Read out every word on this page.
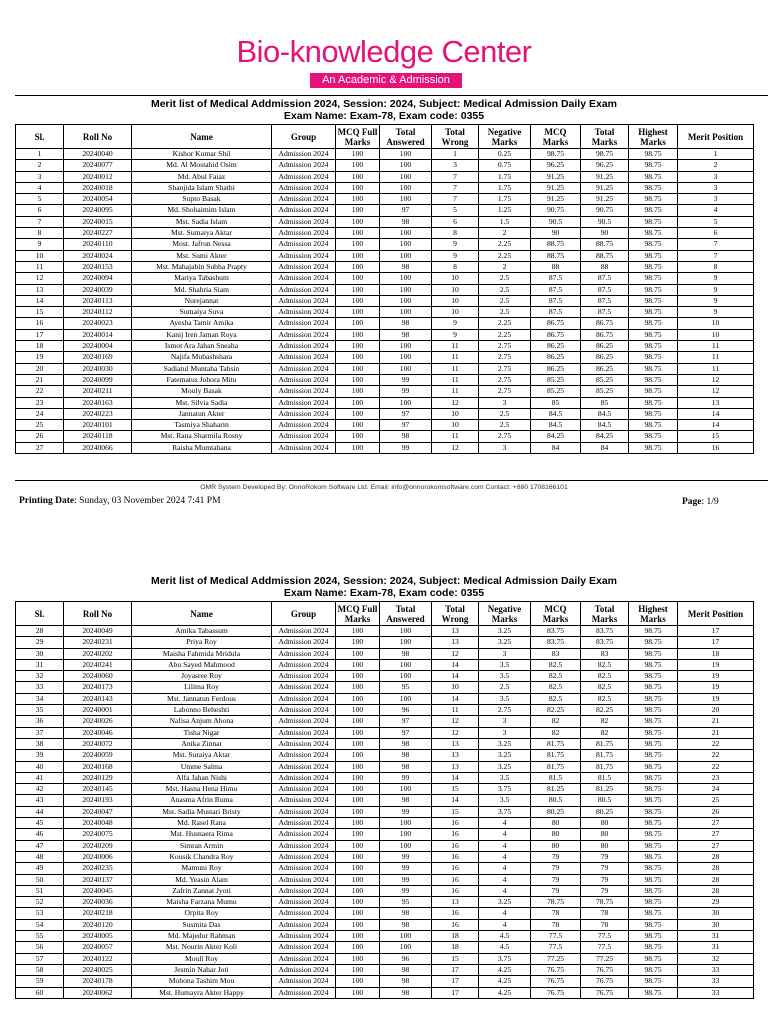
Bio-knowledge Center
An Academic & Admission Solution
Merit list of Medical Addmission 2024, Session: 2024, Subject: Medical Admission Daily Exam
Exam Name: Exam-78, Exam code: 0355
Sl.	Roll No	Name	Group	MCQ Full Marks	Total Answered	Total Wrong	Negative Marks	MCQ Marks	Total Marks	Highest Marks	Merit Position
1	20240040	Kishor Kumar Shil	Admission 2024	100	100	1	0.25	98.75	98.75	98.75	1
2	20240077	Md. Al Mostahid Osim	Admission 2024	100	100	3	0.75	96.25	96.25	98.75	2
3	20240012	Md. Abul Faiaz	Admission 2024	100	100	7	1.75	91.25	91.25	98.75	3
4	20240018	Shanjida Islam Shathi	Admission 2024	100	100	7	1.75	91.25	91.25	98.75	3
5	20240054	Supto Basak	Admission 2024	100	100	7	1.75	91.25	91.25	98.75	3
6	20240095	Md. Shohaimim Islam	Admission 2024	100	97	5	1.25	90.75	90.75	98.75	4
7	20240015	Mst. Sadia Islam	Admission 2024	100	98	6	1.5	90.5	90.5	98.75	5
8	20240227	Mst. Sumaiya Aktar	Admission 2024	100	100	8	2	90	90	98.75	6
9	20240110	Most. Jafrun Nessa	Admission 2024	100	100	9	2.25	88.75	88.75	98.75	7
10	20240024	Mst. Sumi Akter	Admission 2024	100	100	9	2.25	88.75	88.75	98.75	7
11	20240153	Mst. Mahajabin Subha Prapty	Admission 2024	100	98	8	2	88	88	98.75	8
12	20240094	Mariya Tabashum	Admission 2024	100	100	10	2.5	87.5	87.5	98.75	9
13	20240039	Md. Shahria Siam	Admission 2024	100	100	10	2.5	87.5	87.5	98.75	9
14	20240113	Nurejannat	Admission 2024	100	100	10	2.5	87.5	87.5	98.75	9
15	20240112	Sumaiya Suva	Admission 2024	100	100	10	2.5	87.5	87.5	98.75	9
16	20240023	Ayesha Tamir Amika	Admission 2024	100	98	9	2.25	86.75	86.75	98.75	10
17	20240014	Kanij Iren Jaman Roya	Admission 2024	100	98	9	2.25	86.75	86.75	98.75	10
18	20240004	Ismot Ara Jahan Sneaha	Admission 2024	100	100	11	2.75	86.25	86.25	98.75	11
19	20240169	Najifa Mubashshara	Admission 2024	100	100	11	2.75	86.25	86.25	98.75	11
20	20240030	Sadiatul Muntaha Tahsin	Admission 2024	100	100	11	2.75	86.25	86.25	98.75	11
21	20240099	Fatematus Johora Mitu	Admission 2024	100	99	11	2.75	85.25	85.25	98.75	12
22	20240211	Mouly Basak	Admission 2024	100	99	11	2.75	85.25	85.25	98.75	12
23	20240163	Mst. Silvia Sadia	Admission 2024	100	100	12	3	85	85	98.75	13
24	20240223	Jannatun Akter	Admission 2024	100	97	10	2.5	84.5	84.5	98.75	14
25	20240101	Tasmiya Shaharin	Admission 2024	100	97	10	2.5	84.5	84.5	98.75	14
26	20240118	Mst. Rana Sharmila Rosny	Admission 2024	100	98	11	2.75	84.25	84.25	98.75	15
27	20240066	Raisha Mumtahana	Admission 2024	100	99	12	3	84	84	98.75	16
OMR System Developed By: OnnoRokom Software Ltd. Email: info@onnorokomsoftware.com Contact: +880 1708166101
Printing Date: Sunday, 03 November 2024 7:41 PM	Page: 1/9
Merit list of Medical Addmission 2024, Session: 2024, Subject: Medical Admission Daily Exam
Exam Name: Exam-78, Exam code: 0355
Sl.	Roll No	Name	Group	MCQ Full Marks	Total Answered	Total Wrong	Negative Marks	MCQ Marks	Total Marks	Highest Marks	Merit Position
28	20240049	Amika Tabassum	Admission 2024	100	100	13	3.25	83.75	83.75	98.75	17
29	20240231	Priya Roy	Admission 2024	100	100	13	3.25	83.75	83.75	98.75	17
30	20240202	Maisha Fahmida Mridula	Admission 2024	100	98	12	3	83	83	98.75	18
31	20240241	Abu Sayed Mahmood	Admission 2024	100	100	14	3.5	82.5	82.5	98.75	19
32	20240060	Joyasree Roy	Admission 2024	100	100	14	3.5	82.5	82.5	98.75	19
33	20240173	Lilima Roy	Admission 2024	100	95	10	2.5	82.5	82.5	98.75	19
34	20240143	Mst. Jannatun Ferdous	Admission 2024	100	100	14	3.5	82.5	82.5	98.75	19
35	20240001	Labonno Beheshti	Admission 2024	100	96	11	2.75	82.25	82.25	98.75	20
36	20240026	Nafisa Anjum Ahona	Admission 2024	100	97	12	3	82	82	98.75	21
37	20240046	Tisha Nigar	Admission 2024	100	97	12	3	82	82	98.75	21
38	20240072	Anika Zinnat	Admission 2024	100	98	13	3.25	81.75	81.75	98.75	22
39	20240059	Mst. Suraiya Aktar	Admission 2024	100	98	13	3.25	81.75	81.75	98.75	22
40	20240168	Umme Salma	Admission 2024	100	98	13	3.25	81.75	81.75	98.75	22
41	20240129	Alfa Jahan Nishi	Admission 2024	100	99	14	3.5	81.5	81.5	98.75	23
42	20240145	Mst. Hasna Hena Himu	Admission 2024	100	100	15	3.75	81.25	81.25	98.75	24
43	20240193	Anasma Afrin Ruma	Admission 2024	100	98	14	3.5	80.5	80.5	98.75	25
44	20240047	Mst. Sadia Mustari Bristy	Admission 2024	100	99	15	3.75	80.25	80.25	98.75	26
45	20240048	Md. Rasel Rana	Admission 2024	100	100	16	4	80	80	98.75	27
46	20240075	Mst. Husnaera Rima	Admission 2024	100	100	16	4	80	80	98.75	27
47	20240209	Simran Armin	Admission 2024	100	100	16	4	80	80	98.75	27
48	20240006	Kousik Chandra Roy	Admission 2024	100	99	16	4	79	79	98.75	28
49	20240235	Mamuni Roy	Admission 2024	100	99	16	4	79	79	98.75	28
50	20240137	Md. Yeasin Alam	Admission 2024	100	99	16	4	79	79	98.75	28
51	20240045	Zafrin Zannat Jyoti	Admission 2024	100	99	16	4	79	79	98.75	28
52	20240036	Maisha Farzana Mumu	Admission 2024	100	95	13	3.25	78.75	78.75	98.75	29
53	20240218	Orpita Roy	Admission 2024	100	98	16	4	78	78	98.75	30
54	20240120	Susmita Das	Admission 2024	100	98	16	4	78	78	98.75	30
55	20240005	Md. Majedur Rahman	Admission 2024	100	100	18	4.5	77.5	77.5	98.75	31
56	20240057	Mst. Nourin Akter Koli	Admission 2024	100	100	18	4.5	77.5	77.5	98.75	31
57	20240122	Mouli Roy	Admission 2024	100	96	15	3.75	77.25	77.25	98.75	32
58	20240025	Jesmin Nahar Joti	Admission 2024	100	98	17	4.25	76.75	76.75	98.75	33
59	20240178	Mohona Tashim Mou	Admission 2024	100	98	17	4.25	76.75	76.75	98.75	33
60	20240062	Mst. Humayra Akter Happy	Admission 2024	100	98	17	4.25	76.75	76.75	98.75	33
